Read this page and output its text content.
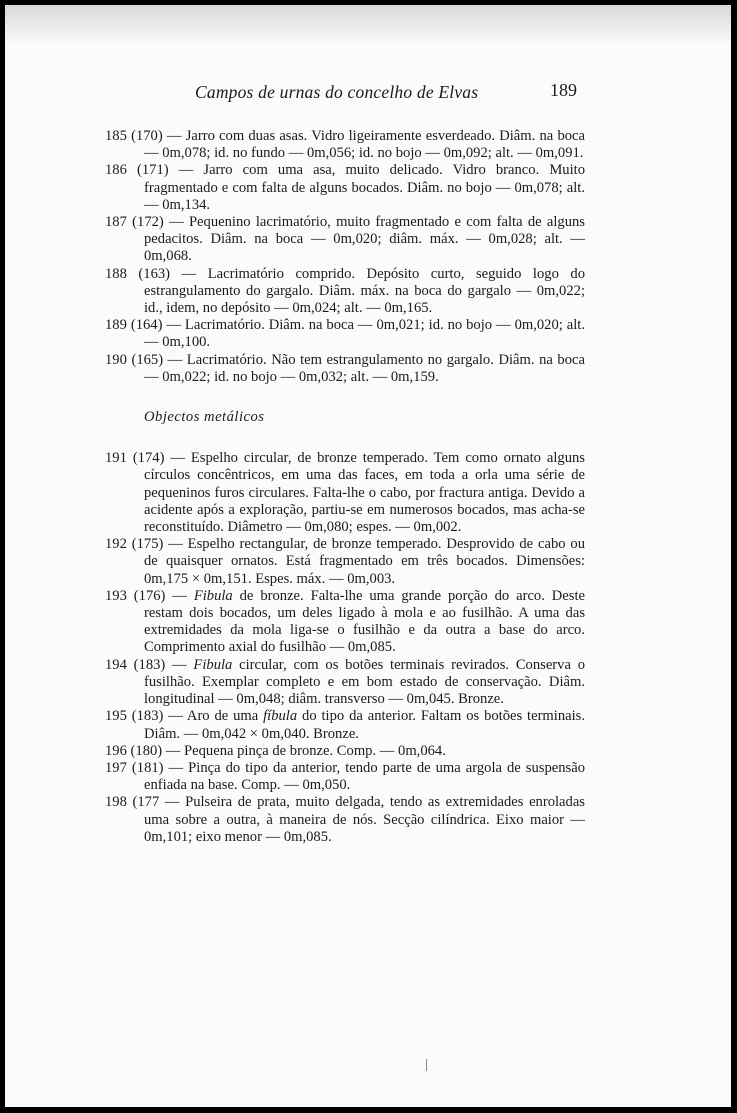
Campos de urnas do concelho de Elvas	189

185 (170) — Jarro com duas asas. Vidro ligeiramente esverdeado. Diâm. na boca — 0m,078; id. no fundo — 0m,056; id. no bojo — 0m,092; alt. — 0m,091.

186 (171) — Jarro com uma asa, muito delicado. Vidro branco. Muito fragmentado e com falta de alguns bocados. Diâm. no bojo — 0m,078; alt. — 0m,134.

187 (172) — Pequenino lacrimatório, muito fragmentado e com falta de alguns pedacitos. Diâm. na boca — 0m,020; diâm. máx. — 0m,028; alt. — 0m,068.

188 (163) — Lacrimatório comprido. Depósito curto, seguido logo do estrangulamento do gargalo. Diâm. máx. na boca do gargalo — 0m,022; id., idem, no depósito — 0m,024; alt. — 0m,165.

189 (164) — Lacrimatório. Diâm. na boca — 0m,021; id. no bojo — 0m,020; alt. — 0m,100.

190 (165) — Lacrimatório. Não tem estrangulamento no gargalo. Diâm. na boca — 0m,022; id. no bojo — 0m,032; alt. — 0m,159.

Objectos metálicos

191 (174) — Espelho circular, de bronze temperado. Tem como ornato alguns círculos concêntricos, em uma das faces, em toda a orla uma série de pequeninos furos circulares. Falta-lhe o cabo, por fractura antiga. Devido a acidente após a exploração, partiu-se em numerosos bocados, mas acha-se reconstituído. Diâmetro — 0m,080; espes. — 0m,002.

192 (175) — Espelho rectangular, de bronze temperado. Desprovido de cabo ou de quaisquer ornatos. Está fragmentado em três bocados. Dimensões: 0m,175 × 0m,151. Espes. máx. — 0m,003.

193 (176) — Fibula de bronze. Falta-lhe uma grande porção do arco. Deste restam dois bocados, um deles ligado à mola e ao fusilhão. A uma das extremidades da mola liga-se o fusilhão e da outra a base do arco. Comprimento axial do fusilhão — 0m,085.

194 (183) — Fibula circular, com os botões terminais revirados. Conserva o fusilhão. Exemplar completo e em bom estado de conservação. Diâm. longitudinal — 0m,048; diâm. transverso — 0m,045. Bronze.

195 (183) — Aro de uma fíbula do tipo da anterior. Faltam os botões terminais. Diâm. — 0m,042 × 0m,040. Bronze.

196 (180) — Pequena pinça de bronze. Comp. — 0m,064.

197 (181) — Pinça do tipo da anterior, tendo parte de uma argola de suspensão enfiada na base. Comp. — 0m,050.

198 (177 — Pulseira de prata, muito delgada, tendo as extremidades enroladas uma sobre a outra, à maneira de nós. Secção cilíndrica. Eixo maior — 0m,101; eixo menor — 0m,085.
